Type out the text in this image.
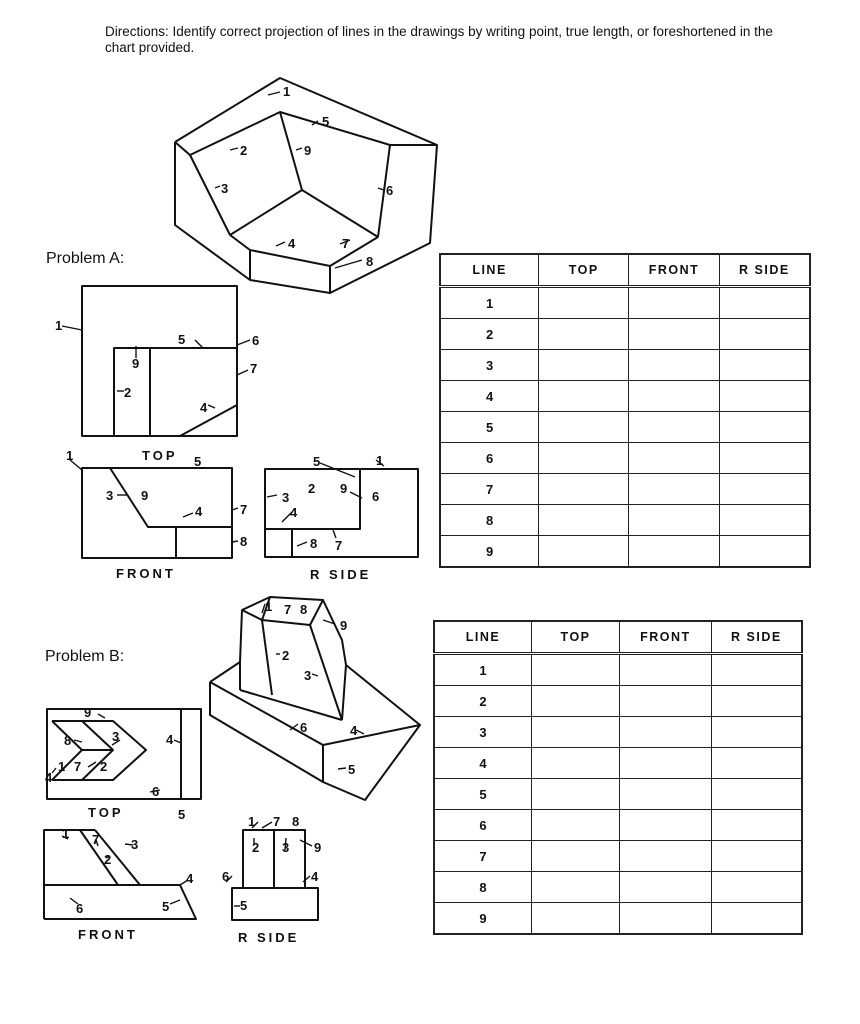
Directions: Identify correct projection of lines in the drawings by writing point, true length, or foreshortened in the chart provided.
Problem A:
Problem B:
1
2
3
4
5
6
7
8
9
1
5	6
7
4
9
2
1
3 9
4	7
8
5	5	1
2 9
6
3
4
8 7
1 7 8
9
2
3
6	4
5
9
8	3	4
1 7 2
4
6
5
1 7
2
3
4
5
6
1 7 8
2 3 9
4
6
5
TOP
FRONT	R SIDE
TOP
FRONT	R SIDE
LINE	TOP	FRONT	R SIDE
1			
2			
3			
4			
5			
6			
7			
8			
9			
LINE	TOP	FRONT	R SIDE
1			
2			
3			
4			
5			
6			
7			
8			
9			
